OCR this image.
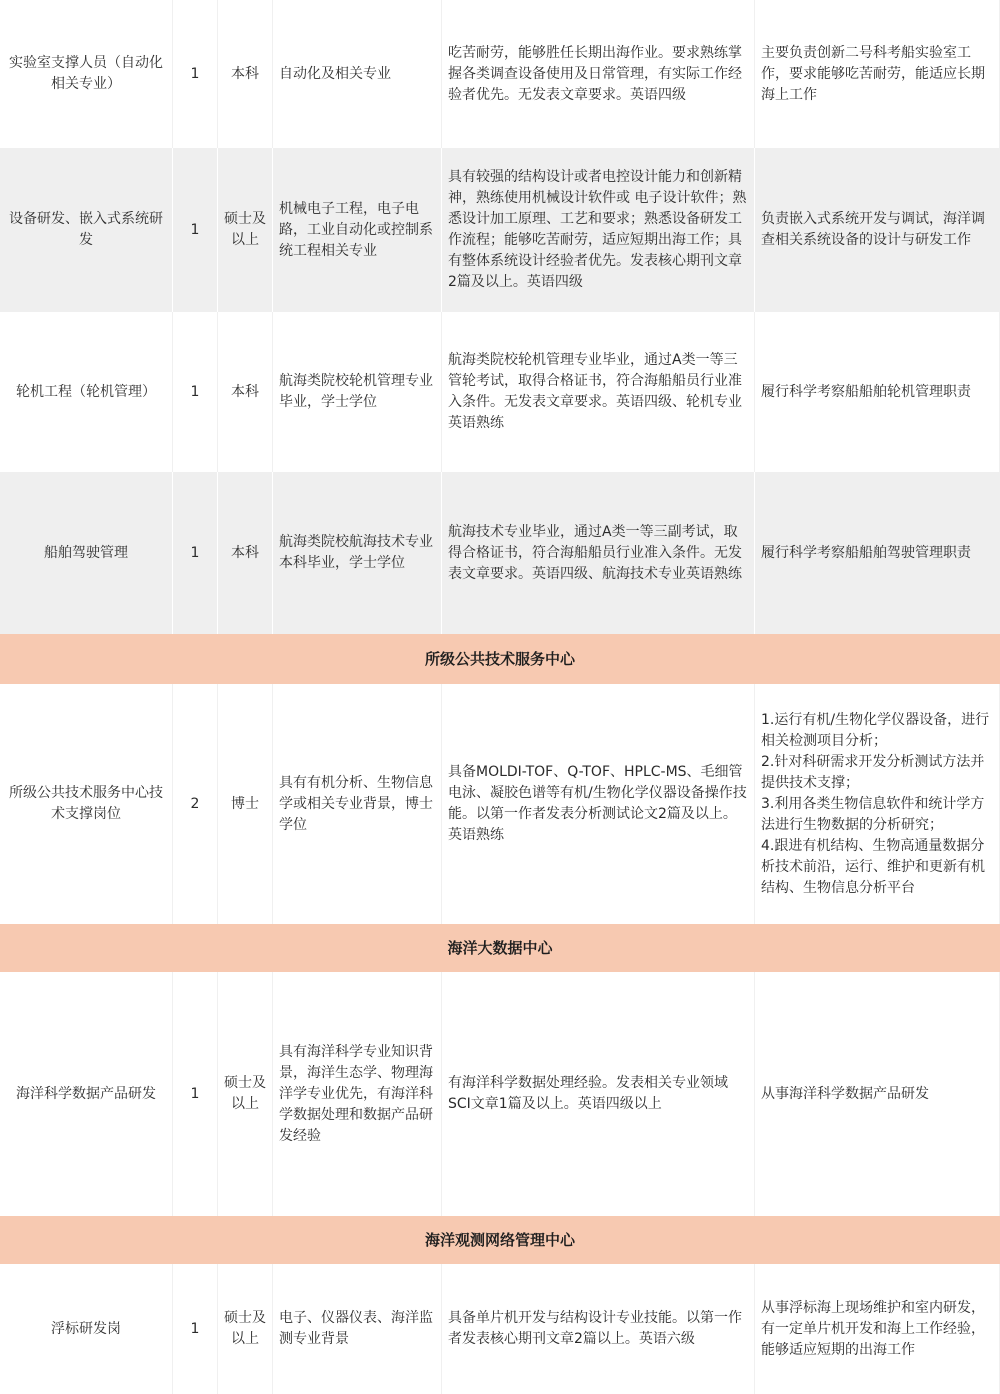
实验室支撑人员（自动化相关专业）
1 本科 自动化及相关专业
吃苦耐劳，能够胜任长期出海作业。要求熟练掌握各类调查设备使用及日常管理，有实际工作经验者优先。无发表文章要求。英语四级
主要负责创新二号科考船实验室工作，要求能够吃苦耐劳，能适应长期海上工作
设备研发、嵌入式系统研发
1
硕士及以上
机械电子工程，电子电路，工业自动化或控制系统工程相关专业
具有较强的结构设计或者电控设计能力和创新精神，熟练使用机械设计软件或 电子设计软件；熟悉设计加工原理、工艺和要求；熟悉设备研发工作流程；能够吃苦耐劳，适应短期出海工作；具有整体系统设计经验者优先。发表核心期刊文章2篇及以上。英语四级
负责嵌入式系统开发与调试，海洋调查相关系统设备的设计与研发工作
轮机工程（轮机管理） 1 本科
航海类院校轮机管理专业毕业，学士学位
航海类院校轮机管理专业毕业，通过A类一等三管轮考试，取得合格证书，符合海船船员行业准入条件。无发表文章要求。英语四级、轮机专业英语熟练
履行科学考察船船舶轮机管理职责
船舶驾驶管理	1 本科
航海类院校航海技术专业本科毕业，学士学位
航海技术专业毕业，通过A类一等三副考试，取得合格证书，符合海船船员行业准入条件。无发表文章要求。英语四级、航海技术专业英语熟练
履行科学考察船船舶驾驶管理职责
所级公共技术服务中心
所级公共技术服务中心技术支撑岗位
2 博士
具有有机分析、生物信息学或相关专业背景，博士学位
具备MOLDI-TOF、Q-TOF、HPLC-MS、毛细管电泳、凝胶色谱等有机/生物化学仪器设备操作技能。以第一作者发表分析测试论文2篇及以上。英语熟练
1.运行有机/生物化学仪器设备，进行相关检测项目分析；
2.针对科研需求开发分析测试方法并提供技术支撑；
3.利用各类生物信息软件和统计学方法进行生物数据的分析研究；
4.跟进有机结构、生物高通量数据分析技术前沿，运行、维护和更新有机结构、生物信息分析平台
海洋大数据中心
海洋科学数据产品研发 1
硕士及以上
具有海洋科学专业知识背景，海洋生态学、物理海洋学专业优先，有海洋科学数据处理和数据产品研发经验
有海洋科学数据处理经验。发表相关专业领域SCI文章1篇及以上。英语四级以上
从事海洋科学数据产品研发
海洋观测网络管理中心
浮标研发岗	1
硕士及以上
电子、仪器仪表、海洋监测专业背景
具备单片机开发与结构设计专业技能。以第一作者发表核心期刊文章2篇以上。英语六级
从事浮标海上现场维护和室内研发，有一定单片机开发和海上工作经验，能够适应短期的出海工作
